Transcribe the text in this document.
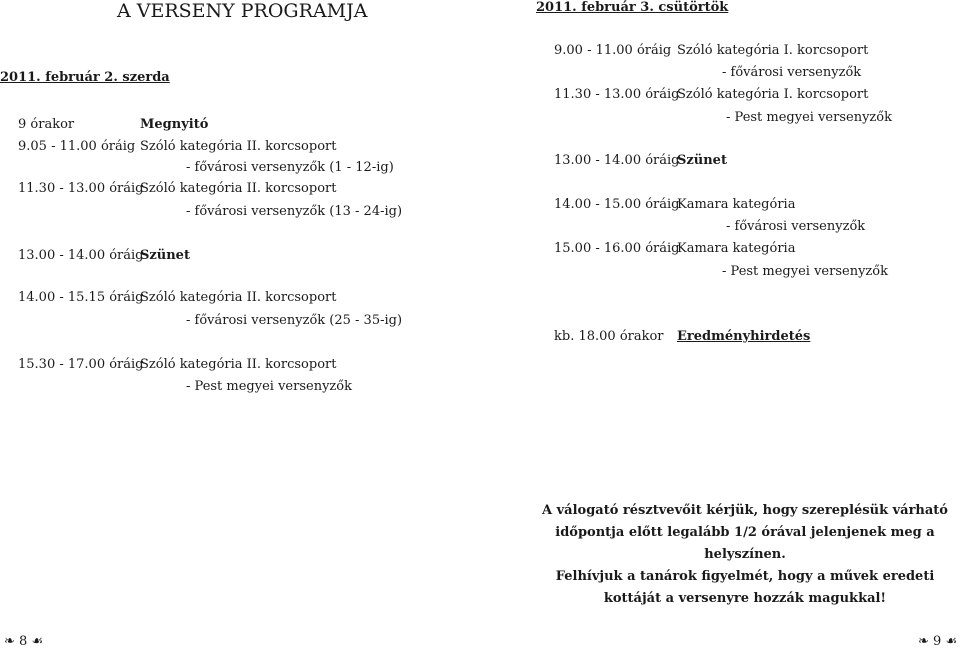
A VERSENY PROGRAMJA
2011. február 2. szerda
9 órakor	Megnyitó
9.05 - 11.00 óráig Szóló kategória II. korcsoport
- fővárosi versenyzők (1 - 12-ig)
11.30 - 13.00 óráig
Szóló kategória II. korcsoport
- fővárosi versenyzők (13 - 24-ig)
13.00 - 14.00 óráig
Szünet
14.00 - 15.15 óráig
Szóló kategória II. korcsoport
- fővárosi versenyzők (25 - 35-ig)
15.30 - 17.00 óráig
Szóló kategória II. korcsoport
- Pest megyei versenyzők
❧ 8 ☙
2011. február 3. csütörtök
9.00 - 11.00 óráig Szóló kategória I. korcsoport
- fővárosi versenyzők
11.30 - 13.00 óráig
Szóló kategória I. korcsoport
- Pest megyei versenyzők
13.00 - 14.00 óráig
Szünet
14.00 - 15.00 óráig
Kamara kategória
- fővárosi versenyzők
15.00 - 16.00 óráig
Kamara kategória
- Pest megyei versenyzők
kb. 18.00 órakor Eredményhirdetés
A válogató résztvevőit kérjük, hogy szereplésük várható időpontja előtt legalább 1/2 órával jelenjenek meg a helyszínen.
Felhívjuk a tanárok figyelmét, hogy a művek eredeti kottáját a versenyre hozzák magukkal!
❧ 9 ☙
